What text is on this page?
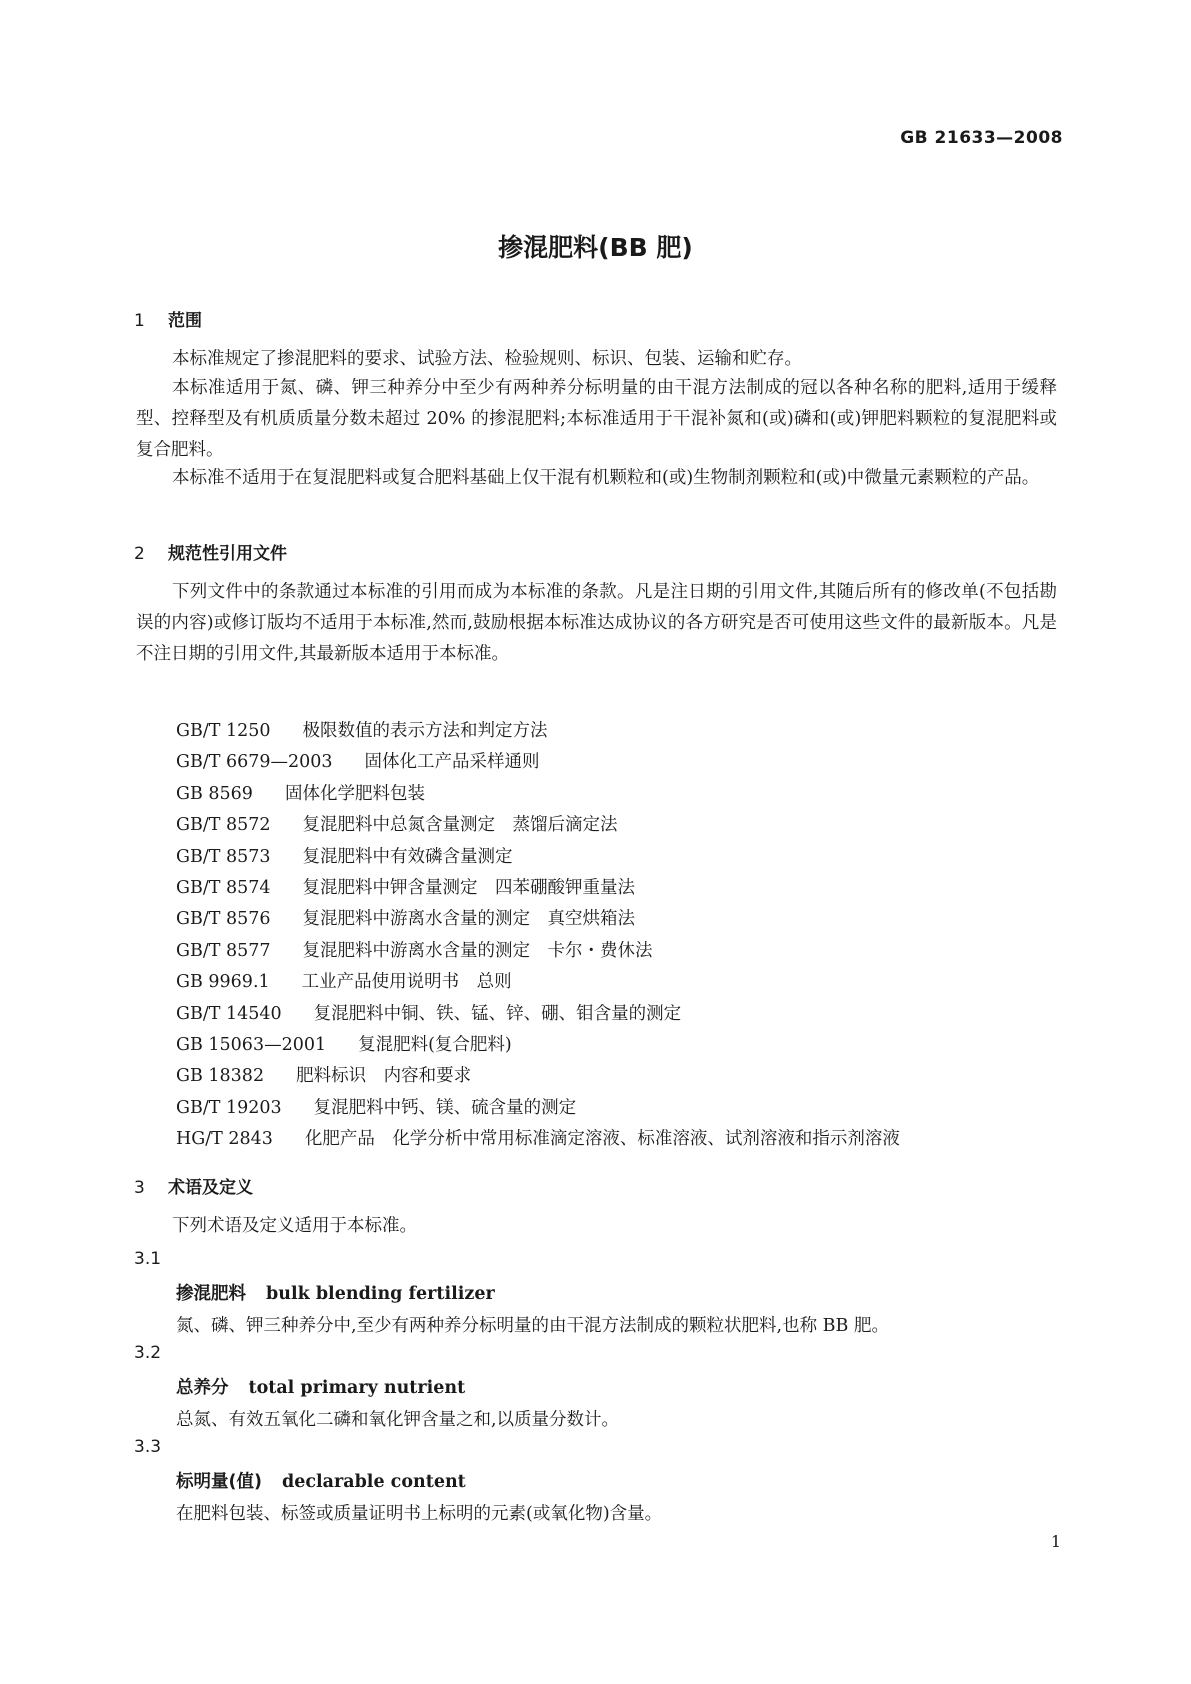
GB 21633—2008
掺混肥料(BB 肥)
1 范围

本标准规定了掺混肥料的要求、试验方法、检验规则、标识、包装、运输和贮存。

本标准适用于氮、磷、钾三种养分中至少有两种养分标明量的由干混方法制成的冠以各种名称的肥料,适用于缓释型、控释型及有机质质量分数未超过 20% 的掺混肥料;本标准适用于干混补氮和(或)磷和(或)钾肥料颗粒的复混肥料或复合肥料。

本标准不适用于在复混肥料或复合肥料基础上仅干混有机颗粒和(或)生物制剂颗粒和(或)中微量元素颗粒的产品。

2 规范性引用文件

下列文件中的条款通过本标准的引用而成为本标准的条款。凡是注日期的引用文件,其随后所有的修改单(不包括勘误的内容)或修订版均不适用于本标准,然而,鼓励根据本标准达成协议的各方研究是否可使用这些文件的最新版本。凡是不注日期的引用文件,其最新版本适用于本标准。

GB/T 1250 极限数值的表示方法和判定方法
GB/T 6679—2003 固体化工产品采样通则
GB 8569 固体化学肥料包装
GB/T 8572 复混肥料中总氮含量测定　蒸馏后滴定法
GB/T 8573 复混肥料中有效磷含量测定
GB/T 8574 复混肥料中钾含量测定　四苯硼酸钾重量法
GB/T 8576 复混肥料中游离水含量的测定　真空烘箱法
GB/T 8577 复混肥料中游离水含量的测定　卡尔・费休法
GB 9969.1 工业产品使用说明书　总则
GB/T 14540 复混肥料中铜、铁、锰、锌、硼、钼含量的测定
GB 15063—2001 复混肥料(复合肥料)
GB 18382 肥料标识　内容和要求
GB/T 19203 复混肥料中钙、镁、硫含量的测定
HG/T 2843 化肥产品　化学分析中常用标准滴定溶液、标准溶液、试剂溶液和指示剂溶液
3 术语及定义

下列术语及定义适用于本标准。

3.1
掺混肥料 bulk blending fertilizer
氮、磷、钾三种养分中,至少有两种养分标明量的由干混方法制成的颗粒状肥料,也称 BB 肥。
3.2
总养分 total primary nutrient
总氮、有效五氧化二磷和氧化钾含量之和,以质量分数计。
3.3
标明量(值) declarable content
在肥料包装、标签或质量证明书上标明的元素(或氧化物)含量。
1
